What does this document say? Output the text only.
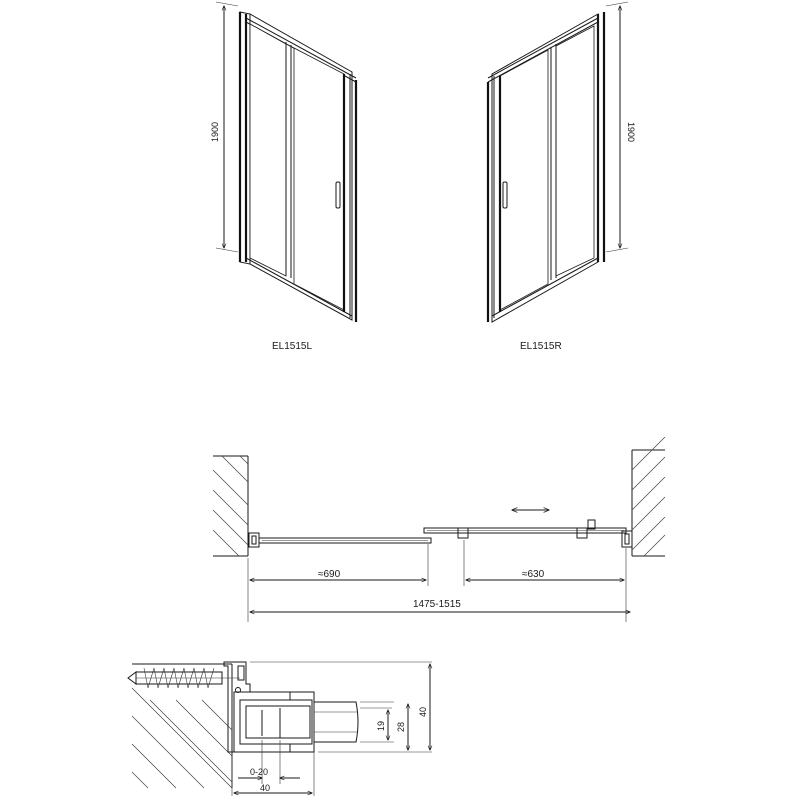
1900	1900
EL1515L	EL1515R
≈690	≈630
1475-1515
19 28
40
0-20
40
